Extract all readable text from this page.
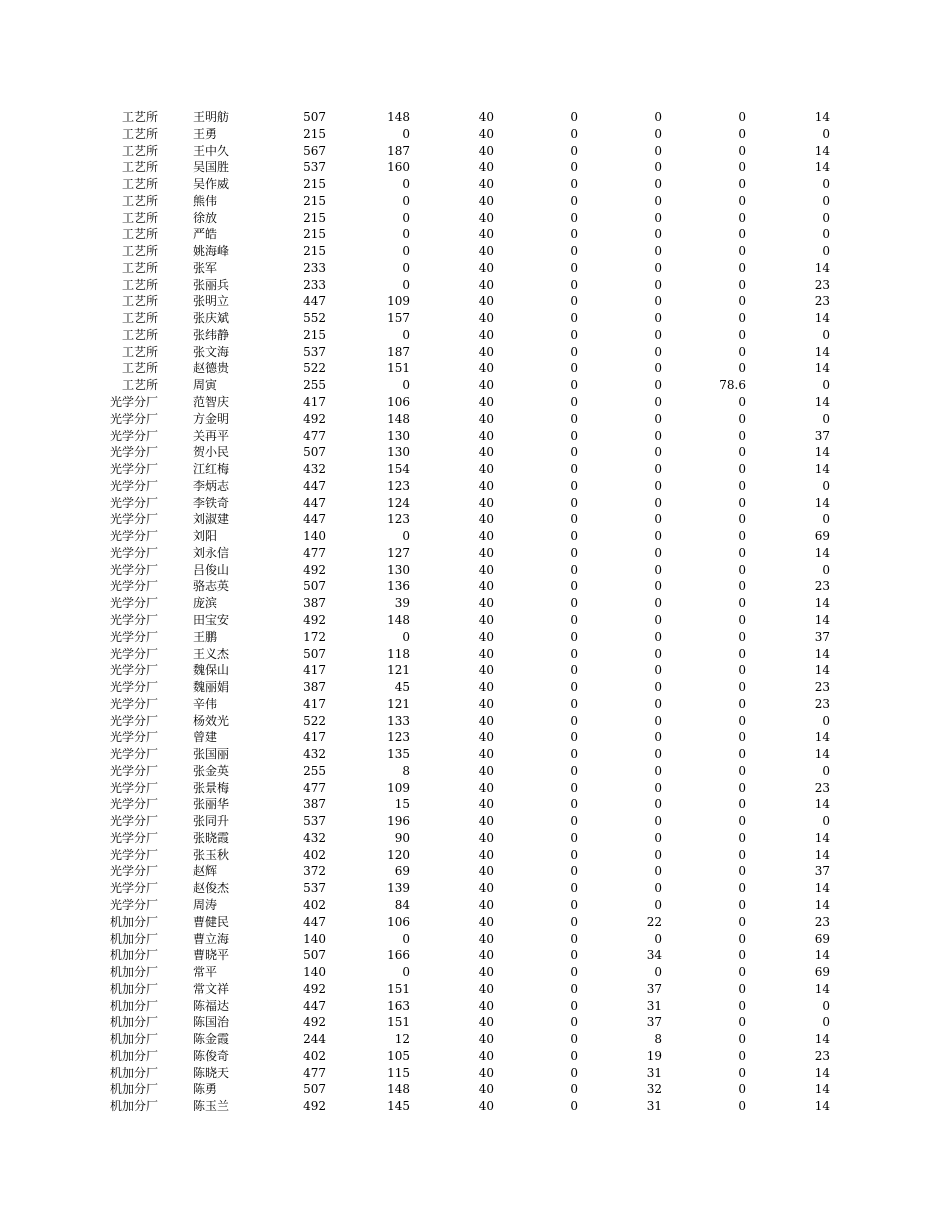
工艺所	王明舫	507	148	40	0	0	0	14
工艺所	王勇	215	0	40	0	0	0	0
工艺所	王中久	567	187	40	0	0	0	14
工艺所	吴国胜	537	160	40	0	0	0	14
工艺所	吴作威	215	0	40	0	0	0	0
工艺所	熊伟	215	0	40	0	0	0	0
工艺所	徐放	215	0	40	0	0	0	0
工艺所	严皓	215	0	40	0	0	0	0
工艺所	姚海峰	215	0	40	0	0	0	0
工艺所	张军	233	0	40	0	0	0	14
工艺所	张丽兵	233	0	40	0	0	0	23
工艺所	张明立	447	109	40	0	0	0	23
工艺所	张庆斌	552	157	40	0	0	0	14
工艺所	张纬静	215	0	40	0	0	0	0
工艺所	张文海	537	187	40	0	0	0	14
工艺所	赵德贵	522	151	40	0	0	0	14
工艺所	周寅	255	0	40	0	0	78.6	0
光学分厂	范智庆	417	106	40	0	0	0	14
光学分厂	方金明	492	148	40	0	0	0	0
光学分厂	关再平	477	130	40	0	0	0	37
光学分厂	贺小民	507	130	40	0	0	0	14
光学分厂	江红梅	432	154	40	0	0	0	14
光学分厂	李炳志	447	123	40	0	0	0	0
光学分厂	李铁奇	447	124	40	0	0	0	14
光学分厂	刘淑建	447	123	40	0	0	0	0
光学分厂	刘阳	140	0	40	0	0	0	69
光学分厂	刘永信	477	127	40	0	0	0	14
光学分厂	吕俊山	492	130	40	0	0	0	0
光学分厂	骆志英	507	136	40	0	0	0	23
光学分厂	庞滨	387	39	40	0	0	0	14
光学分厂	田宝安	492	148	40	0	0	0	14
光学分厂	王鹏	172	0	40	0	0	0	37
光学分厂	王义杰	507	118	40	0	0	0	14
光学分厂	魏保山	417	121	40	0	0	0	14
光学分厂	魏丽娟	387	45	40	0	0	0	23
光学分厂	辛伟	417	121	40	0	0	0	23
光学分厂	杨效光	522	133	40	0	0	0	0
光学分厂	曾建	417	123	40	0	0	0	14
光学分厂	张国丽	432	135	40	0	0	0	14
光学分厂	张金英	255	8	40	0	0	0	0
光学分厂	张景梅	477	109	40	0	0	0	23
光学分厂	张丽华	387	15	40	0	0	0	14
光学分厂	张同升	537	196	40	0	0	0	0
光学分厂	张晓霞	432	90	40	0	0	0	14
光学分厂	张玉秋	402	120	40	0	0	0	14
光学分厂	赵辉	372	69	40	0	0	0	37
光学分厂	赵俊杰	537	139	40	0	0	0	14
光学分厂	周涛	402	84	40	0	0	0	14
机加分厂	曹健民	447	106	40	0	22	0	23
机加分厂	曹立海	140	0	40	0	0	0	69
机加分厂	曹晓平	507	166	40	0	34	0	14
机加分厂	常平	140	0	40	0	0	0	69
机加分厂	常文祥	492	151	40	0	37	0	14
机加分厂	陈福达	447	163	40	0	31	0	0
机加分厂	陈国治	492	151	40	0	37	0	0
机加分厂	陈金霞	244	12	40	0	8	0	14
机加分厂	陈俊奇	402	105	40	0	19	0	23
机加分厂	陈晓天	477	115	40	0	31	0	14
机加分厂	陈勇	507	148	40	0	32	0	14
机加分厂	陈玉兰	492	145	40	0	31	0	14
